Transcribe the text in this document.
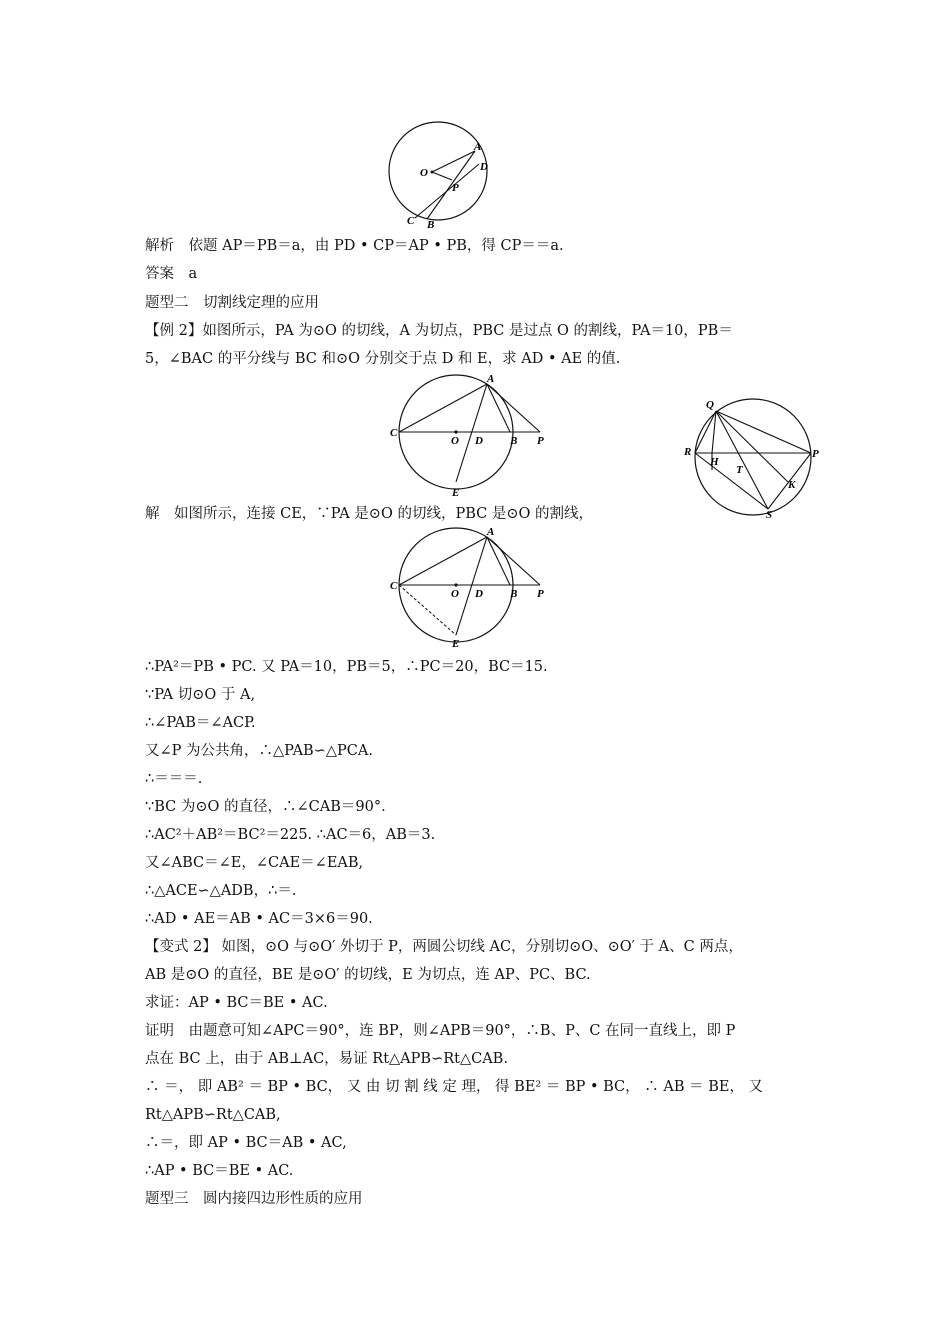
O
A
D
P
C B
A
C
O D B P
E
Q
R
H
T
P
K
S
A
C
O D B P
E
解析　依题 AP＝PB＝a，由 PD • CP＝AP • PB，得 CP＝＝a.
答案　a
题型二　切割线定理的应用
【例 2】如图所示，PA 为⊙O 的切线，A 为切点，PBC 是过点 O 的割线，PA＝10，PB＝
5，∠BAC 的平分线与 BC 和⊙O 分别交于点 D 和 E，求 AD • AE 的值.
解　如图所示，连接 CE，∵PA 是⊙O 的切线，PBC 是⊙O 的割线，
∴PA²＝PB • PC. 又 PA＝10，PB＝5，∴PC＝20，BC＝15.
∵PA 切⊙O 于 A,
∴∠PAB＝∠ACP.
又∠P 为公共角，∴△PAB∽△PCA.
∴＝＝＝.
∵BC 为⊙O 的直径，∴∠CAB＝90°．
∴AC²＋AB²＝BC²＝225. ∴AC＝6，AB＝3.
又∠ABC＝∠E，∠CAE＝∠EAB,
∴△ACE∽△ADB，∴＝.
∴AD • AE＝AB • AC＝3×6＝90.
【变式 2】 如图，⊙O 与⊙O′ 外切于 P，两圆公切线 AC，分别切⊙O、⊙O′ 于 A、C 两点，
AB 是⊙O 的直径，BE 是⊙O′ 的切线，E 为切点，连 AP、PC、BC.
求证：AP • BC＝BE • AC.
证明　由题意可知∠APC＝90°，连 BP，则∠APB＝90°，∴B、P、C 在同一直线上，即 P
点在 BC 上，由于 AB⊥AC，易证 Rt△APB∽Rt△CAB.
∴ ＝， 即 AB² ＝ BP • BC， 又 由 切 割 线 定 理， 得 BE² ＝ BP • BC， ∴ AB ＝ BE， 又
Rt△APB∽Rt△CAB,
∴＝，即 AP • BC＝AB • AC,
∴AP • BC＝BE • AC.
题型三　圆内接四边形性质的应用
